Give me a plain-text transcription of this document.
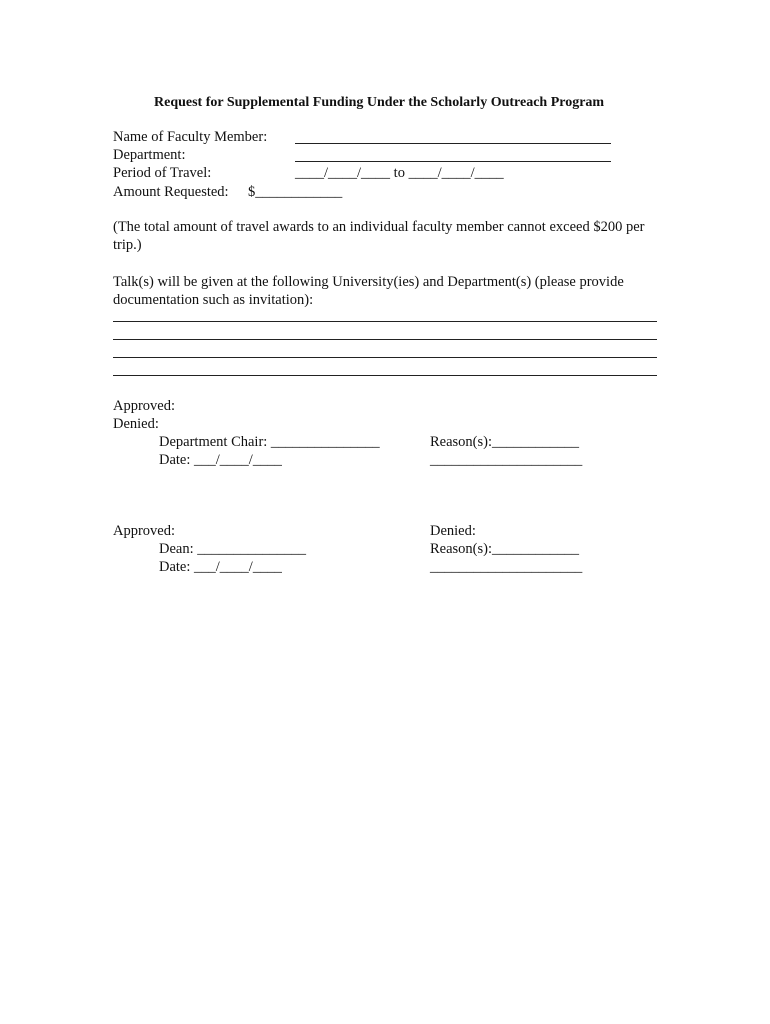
Request for Supplemental Funding Under the Scholarly Outreach Program
Name of Faculty Member:
Department:
Period of Travel:	____/____/____ to ____/____/____
Amount Requested: $____________
(The total amount of travel awards to an individual faculty member cannot exceed $200 per trip.)
Talk(s) will be given at the following University(ies) and Department(s) (please provide documentation such as invitation):
Approved:
Denied:
Department Chair: _______________
Date: ___/____/____
Reason(s):____________
_____________________
Approved:
Dean: _______________
Date: ___/____/____
Denied:
Reason(s):____________
_____________________
